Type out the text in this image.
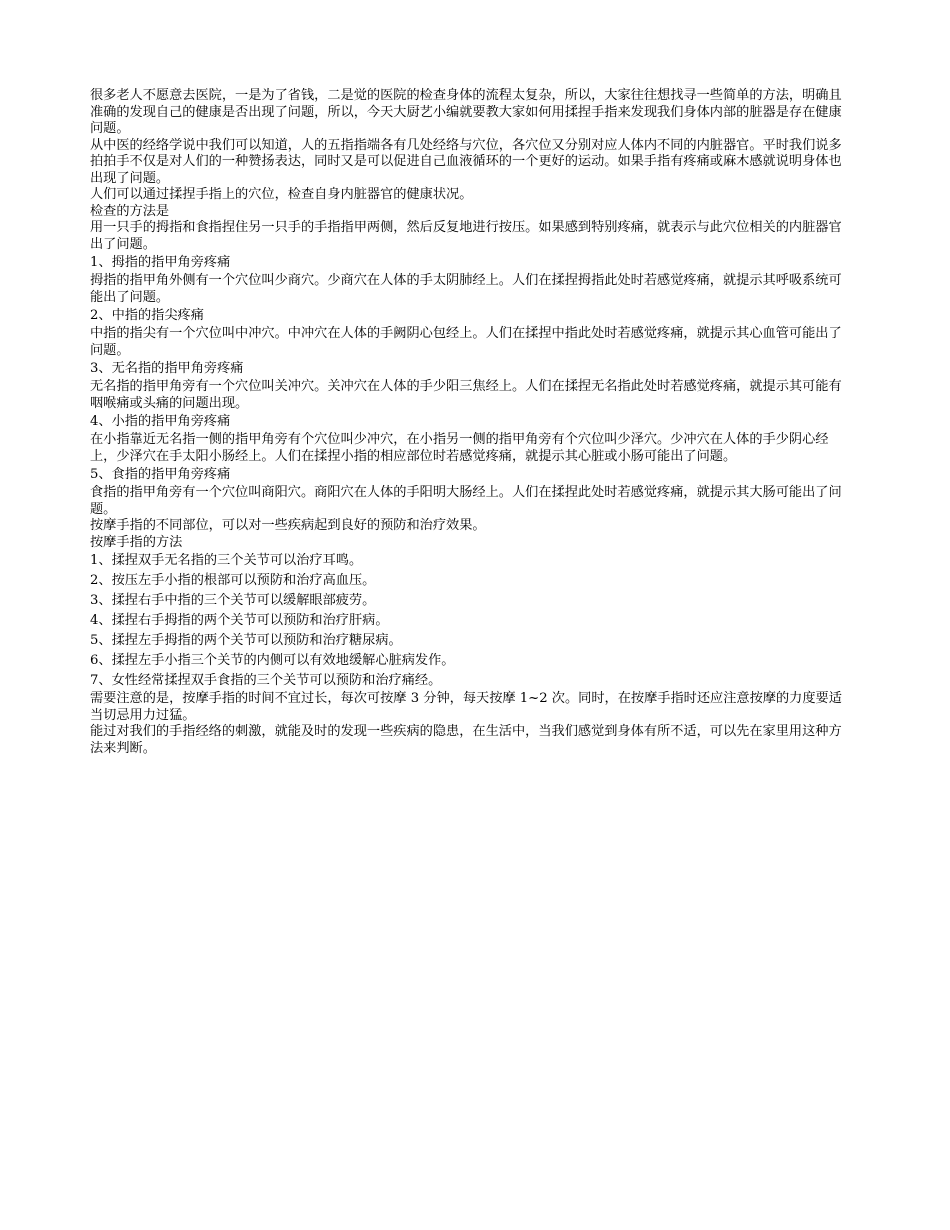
很多老人不愿意去医院，一是为了省钱，二是觉的医院的检查身体的流程太复杂，所以，大家往往想找寻一些简单的方法，明确且准确的发现自己的健康是否出现了问题，所以，今天大厨艺小编就要教大家如何用揉捏手指来发现我们身体内部的脏器是存在健康问题。

从中医的经络学说中我们可以知道，人的五指指端各有几处经络与穴位，各穴位又分别对应人体内不同的内脏器官。平时我们说多拍拍手不仅是对人们的一种赞扬表达，同时又是可以促进自己血液循环的一个更好的运动。如果手指有疼痛或麻木感就说明身体也出现了问题。

人们可以通过揉捏手指上的穴位，检查自身内脏器官的健康状况。

检查的方法是

用一只手的拇指和食指捏住另一只手的手指指甲两侧，然后反复地进行按压。如果感到特别疼痛，就表示与此穴位相关的内脏器官出了问题。

1、拇指的指甲角旁疼痛

拇指的指甲角外侧有一个穴位叫少商穴。少商穴在人体的手太阴肺经上。人们在揉捏拇指此处时若感觉疼痛，就提示其呼吸系统可能出了问题。

2、中指的指尖疼痛

中指的指尖有一个穴位叫中冲穴。中冲穴在人体的手阙阴心包经上。人们在揉捏中指此处时若感觉疼痛，就提示其心血管可能出了问题。

3、无名指的指甲角旁疼痛

无名指的指甲角旁有一个穴位叫关冲穴。关冲穴在人体的手少阳三焦经上。人们在揉捏无名指此处时若感觉疼痛，就提示其可能有咽喉痛或头痛的问题出现。

4、小指的指甲角旁疼痛

在小指靠近无名指一侧的指甲角旁有个穴位叫少冲穴，在小指另一侧的指甲角旁有个穴位叫少泽穴。少冲穴在人体的手少阴心经上，少泽穴在手太阳小肠经上。人们在揉捏小指的相应部位时若感觉疼痛，就提示其心脏或小肠可能出了问题。

5、食指的指甲角旁疼痛

食指的指甲角旁有一个穴位叫商阳穴。商阳穴在人体的手阳明大肠经上。人们在揉捏此处时若感觉疼痛，就提示其大肠可能出了问题。

按摩手指的不同部位，可以对一些疾病起到良好的预防和治疗效果。

按摩手指的方法

1、揉捏双手无名指的三个关节可以治疗耳鸣。

2、按压左手小指的根部可以预防和治疗高血压。

3、揉捏右手中指的三个关节可以缓解眼部疲劳。

4、揉捏右手拇指的两个关节可以预防和治疗肝病。

5、揉捏左手拇指的两个关节可以预防和治疗糖尿病。

6、揉捏左手小指三个关节的内侧可以有效地缓解心脏病发作。

7、女性经常揉捏双手食指的三个关节可以预防和治疗痛经。

需要注意的是，按摩手指的时间不宜过长，每次可按摩 3 分钟，每天按摩 1~2 次。同时，在按摩手指时还应注意按摩的力度要适当切忌用力过猛。

能过对我们的手指经络的刺激，就能及时的发现一些疾病的隐患，在生活中，当我们感觉到身体有所不适，可以先在家里用这种方法来判断。
